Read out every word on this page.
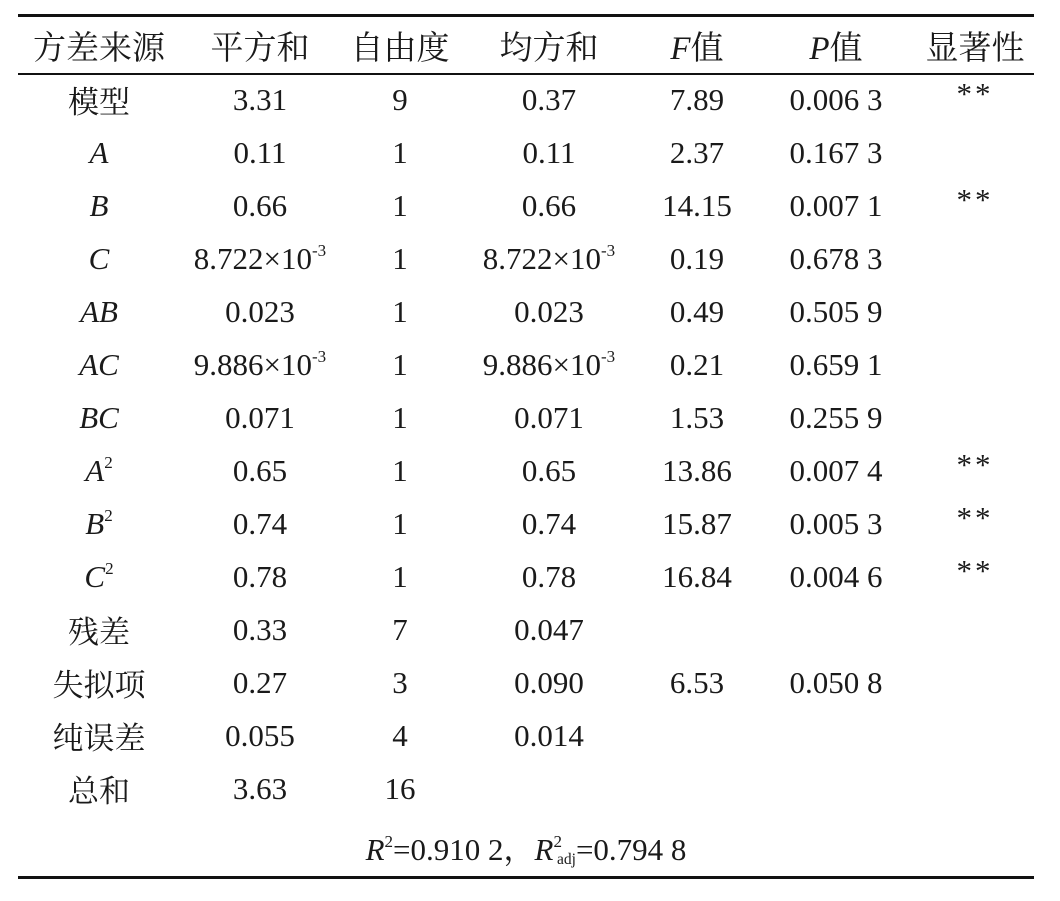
方差来源	平方和	自由度	均方和	F值	P值	显著性
模型	3.31	9	0.37	7.89	0.006 3	**
A	0.11	1	0.11	2.37	0.167 3	
B	0.66	1	0.66	14.15	0.007 1	**
C	$8.722\times 10^{-3}$	1	$8.722\times 10^{-3}$	0.19	0.678 3	
AB	0.023	1	0.023	0.49	0.505 9	
AC	$9.886\times 10^{-3}$	1	$9.886\times 10^{-3}$	0.21	0.659 1	
BC	0.071	1	0.071	1.53	0.255 9	
$A^2$	0.65	1	0.65	13.86	0.007 4	**
$B^2$	0.74	1	0.74	15.87	0.005 3	**
$C^2$	0.78	1	0.78	16.84	0.004 6	**
残差	0.33	7	0.047			
失拟项	0.27	3	0.090	6.53	0.050 8	
纯误差	0.055	4	0.014			
总和	3.63	16				
$R^2=0.910$ 2，$R^2_{adj}=0.794$ 8
